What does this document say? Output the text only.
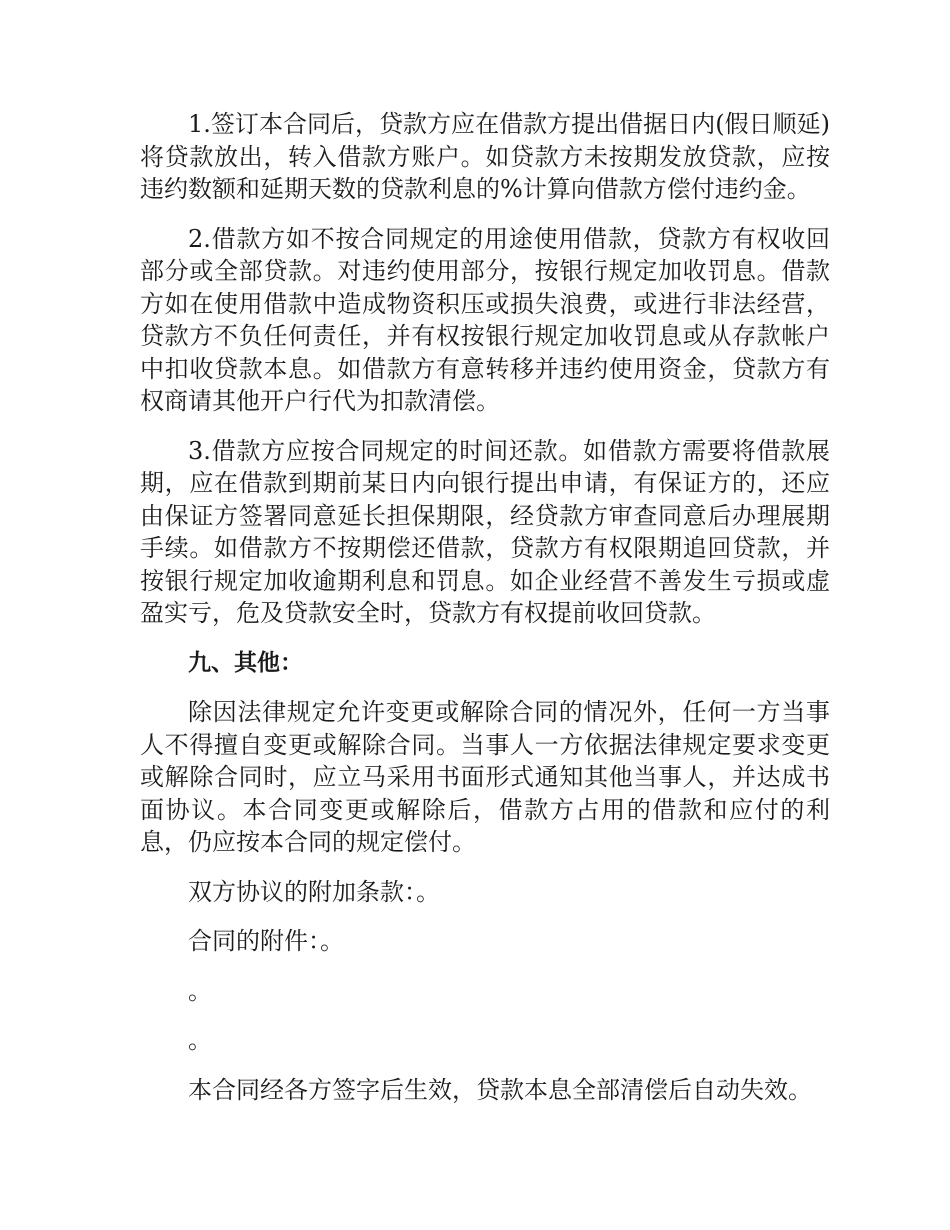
1.签订本合同后，贷款方应在借款方提出借据日内(假日顺延)将贷款放出，转入借款方账户。如贷款方未按期发放贷款，应按违约数额和延期天数的贷款利息的%计算向借款方偿付违约金。

2.借款方如不按合同规定的用途使用借款，贷款方有权收回部分或全部贷款。对违约使用部分，按银行规定加收罚息。借款方如在使用借款中造成物资积压或损失浪费，或进行非法经营，贷款方不负任何责任，并有权按银行规定加收罚息或从存款帐户中扣收贷款本息。如借款方有意转移并违约使用资金，贷款方有权商请其他开户行代为扣款清偿。

3.借款方应按合同规定的时间还款。如借款方需要将借款展期，应在借款到期前某日内向银行提出申请，有保证方的，还应由保证方签署同意延长担保期限，经贷款方审查同意后办理展期手续。如借款方不按期偿还借款，贷款方有权限期追回贷款，并按银行规定加收逾期利息和罚息。如企业经营不善发生亏损或虚盈实亏，危及贷款安全时，贷款方有权提前收回贷款。

九、其他：

除因法律规定允许变更或解除合同的情况外，任何一方当事人不得擅自变更或解除合同。当事人一方依据法律规定要求变更或解除合同时，应立马采用书面形式通知其他当事人，并达成书面协议。本合同变更或解除后，借款方占用的借款和应付的利息，仍应按本合同的规定偿付。

双方协议的附加条款：。

合同的附件：。

。

。

本合同经各方签字后生效，贷款本息全部清偿后自动失效。
